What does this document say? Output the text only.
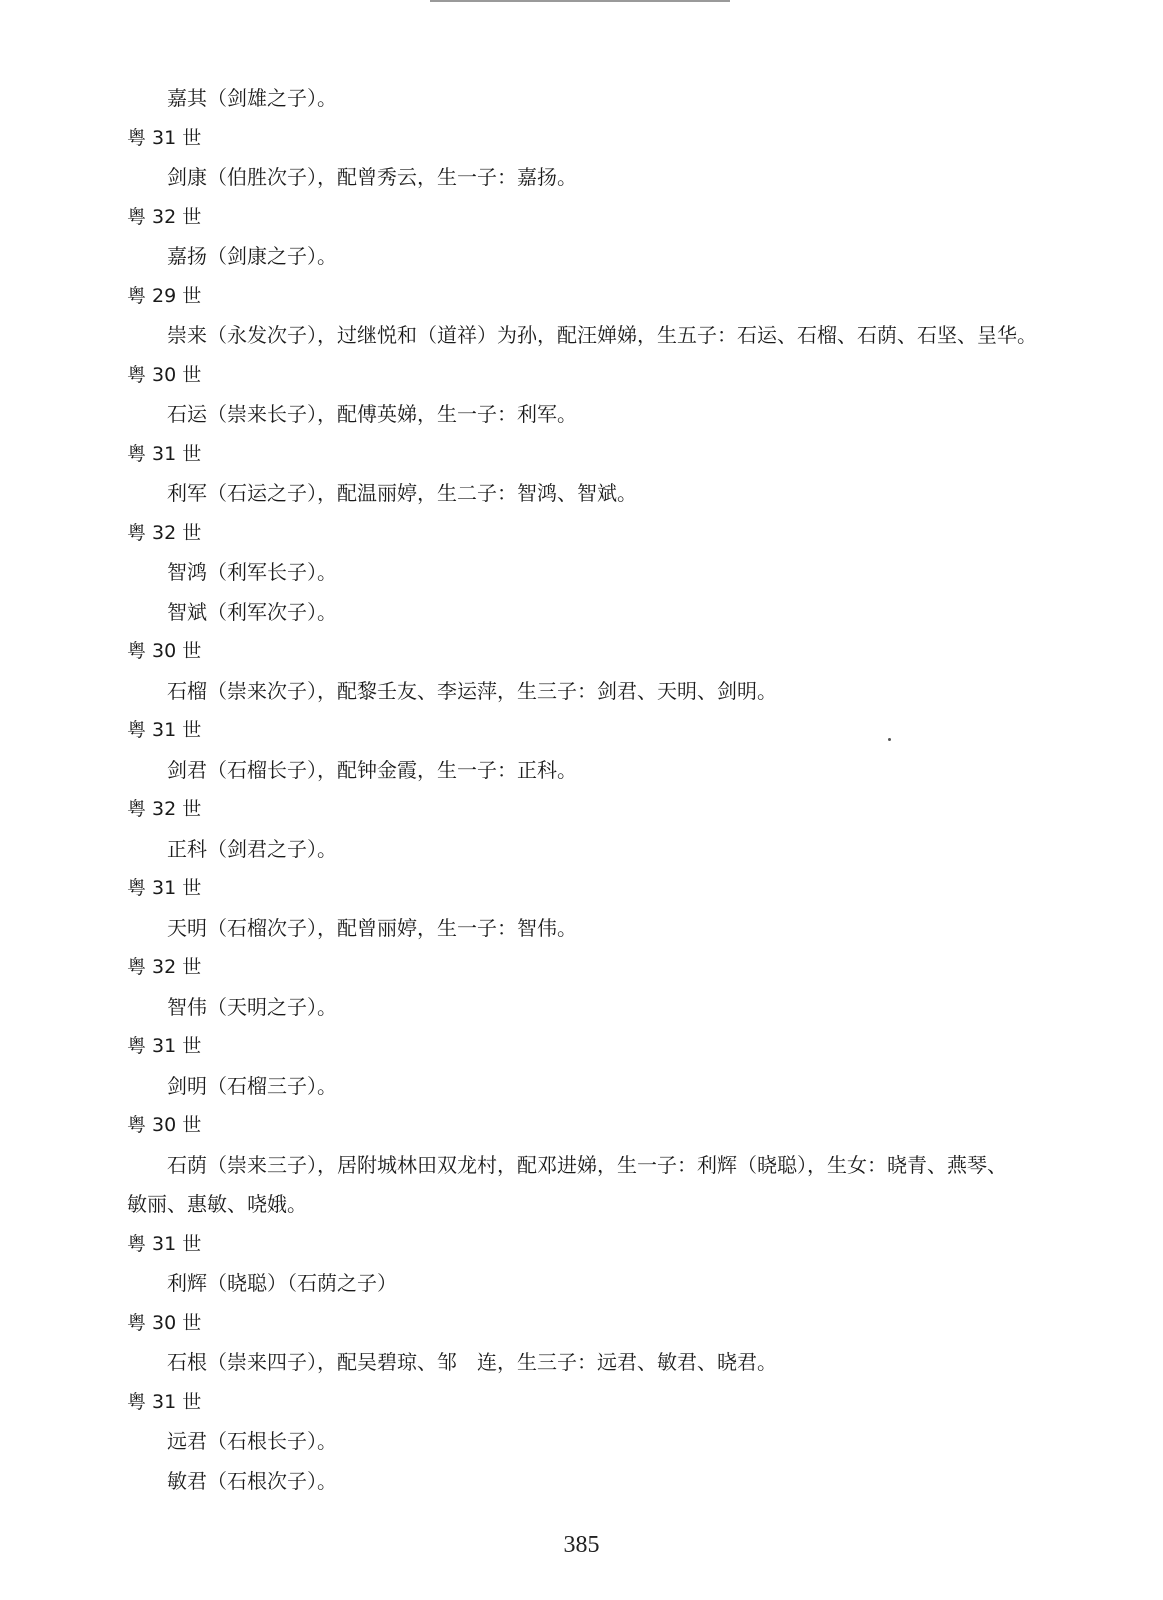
嘉其（剑雄之子）。
粤 31 世
剑康（伯胜次子），配曾秀云，生一子：嘉扬。
粤 32 世
嘉扬（剑康之子）。
粤 29 世
崇来（永发次子），过继悦和（道祥）为孙，配汪婵娣，生五子：石运、石榴、石荫、石坚、呈华。
粤 30 世
石运（崇来长子），配傅英娣，生一子：利军。
粤 31 世
利军（石运之子），配温丽婷，生二子：智鸿、智斌。
粤 32 世
智鸿（利军长子）。
智斌（利军次子）。
粤 30 世
石榴（崇来次子），配黎壬友、李运萍，生三子：剑君、天明、剑明。
粤 31 世
剑君（石榴长子），配钟金霞，生一子：正科。
粤 32 世
正科（剑君之子）。
粤 31 世
天明（石榴次子），配曾丽婷，生一子：智伟。
粤 32 世
智伟（天明之子）。
粤 31 世
剑明（石榴三子）。
粤 30 世
石荫（崇来三子），居附城林田双龙村，配邓进娣，生一子：利辉（晓聪），生女：晓青、燕琴、
敏丽、惠敏、哓娥。
粤 31 世
利辉（晓聪）（石荫之子）
粤 30 世
石根（崇来四子），配吴碧琼、邹　连，生三子：远君、敏君、晓君。
粤 31 世
远君（石根长子）。
敏君（石根次子）。
385
